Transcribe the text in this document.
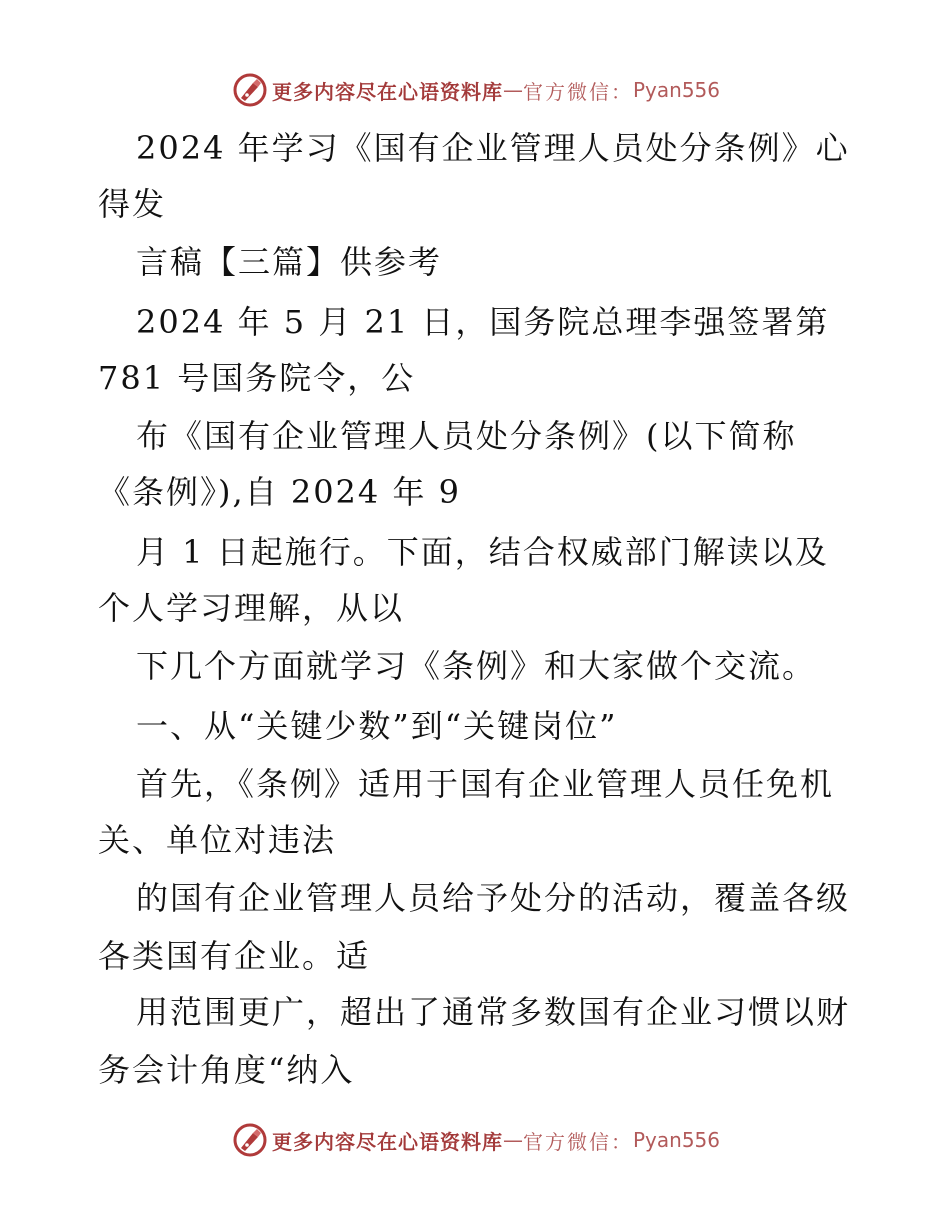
更多内容尽在心语资料库 — 官方微信： Pyan556
2024 年学习《国有企业管理人员处分条例》心
得发
言稿【三篇】供参考
2024 年 5 月 21 日，国务院总理李强签署第
781 号国务院令，公
布《国有企业管理人员处分条例》(以下简称
《条例》),自 2024 年 9
月 1 日起施行。下面，结合权威部门解读以及
个人学习理解，从以
下几个方面就学习《条例》和大家做个交流。
一、从“关键少数”到“关键岗位”
首先，《条例》适用于国有企业管理人员任免机
关、单位对违法
的国有企业管理人员给予处分的活动，覆盖各级
各类国有企业。适
用范围更广，超出了通常多数国有企业习惯以财
务会计角度“纳入
更多内容尽在心语资料库 — 官方微信： Pyan556
